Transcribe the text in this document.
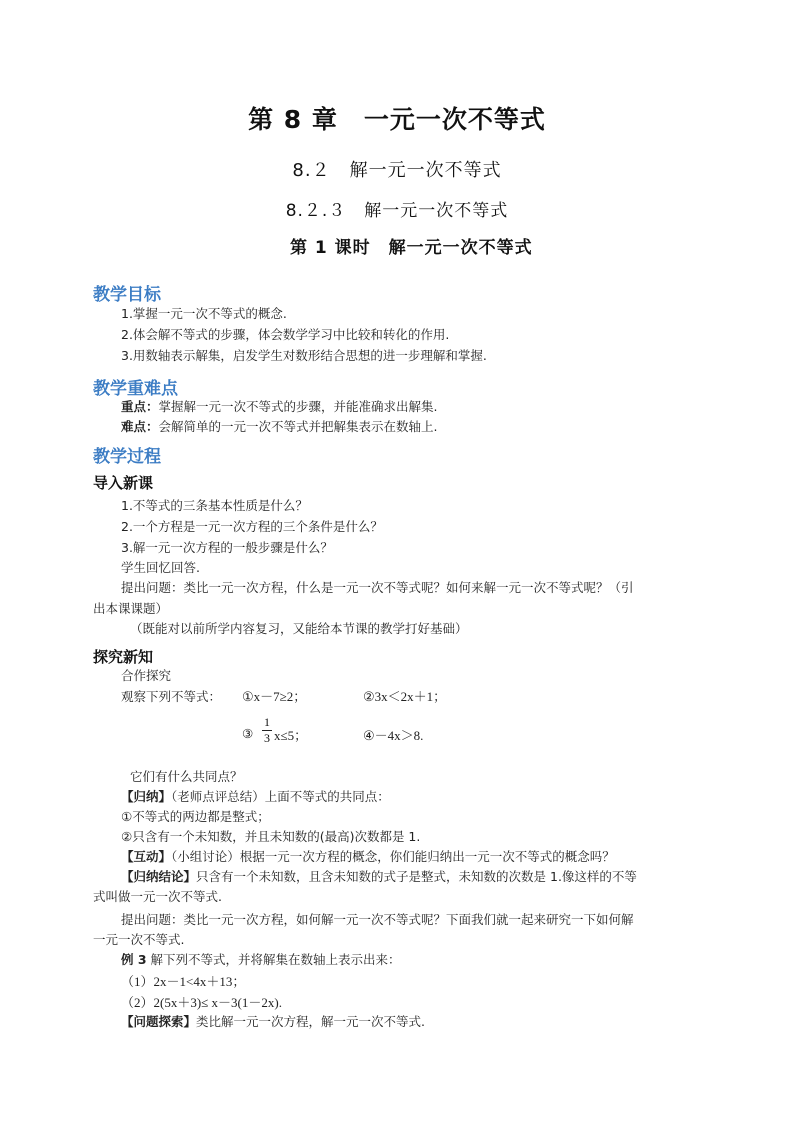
第 8 章　一元一次不等式
8.２　解一元一次不等式
8.２.３　解一元一次不等式
第 1 课时　解一元一次不等式
教学目标
1.掌握一元一次不等式的概念.
2.体会解不等式的步骤，体会数学学习中比较和转化的作用.
3.用数轴表示解集，启发学生对数形结合思想的进一步理解和掌握.
教学重难点
重点：掌握解一元一次不等式的步骤，并能准确求出解集.
难点：会解简单的一元一次不等式并把解集表示在数轴上.
教学过程
导入新课
1.不等式的三条基本性质是什么？
2.一个方程是一元一次方程的三个条件是什么？
3.解一元一次方程的一般步骤是什么？
学生回忆回答.
提出问题：类比一元一次方程，什么是一元一次不等式呢？如何来解一元一次不等式呢？（引
出本课课题）
（既能对以前所学内容复习，又能给本节课的教学打好基础）
探究新知
合作探究
观察下列不等式： ①x－7≥2；	②3x＜2x＋1；
③
1
3 x≤5；	④－4x＞8.
它们有什么共同点？
【归纳】（老师点评总结）上面不等式的共同点：
①不等式的两边都是整式；
②只含有一个未知数，并且未知数的(最高)次数都是 1.
【互动】（小组讨论）根据一元一次方程的概念，你们能归纳出一元一次不等式的概念吗？
【归纳结论】只含有一个未知数，且含未知数的式子是整式，未知数的次数是 1.像这样的不等
式叫做一元一次不等式.
提出问题：类比一元一次方程，如何解一元一次不等式呢？下面我们就一起来研究一下如何解
一元一次不等式.
例 3 解下列不等式，并将解集在数轴上表示出来：
（1）2x－1<4x＋13；
（2）2(5x＋3)≤ x－3(1－2x).
【问题探索】类比解一元一次方程，解一元一次不等式.
